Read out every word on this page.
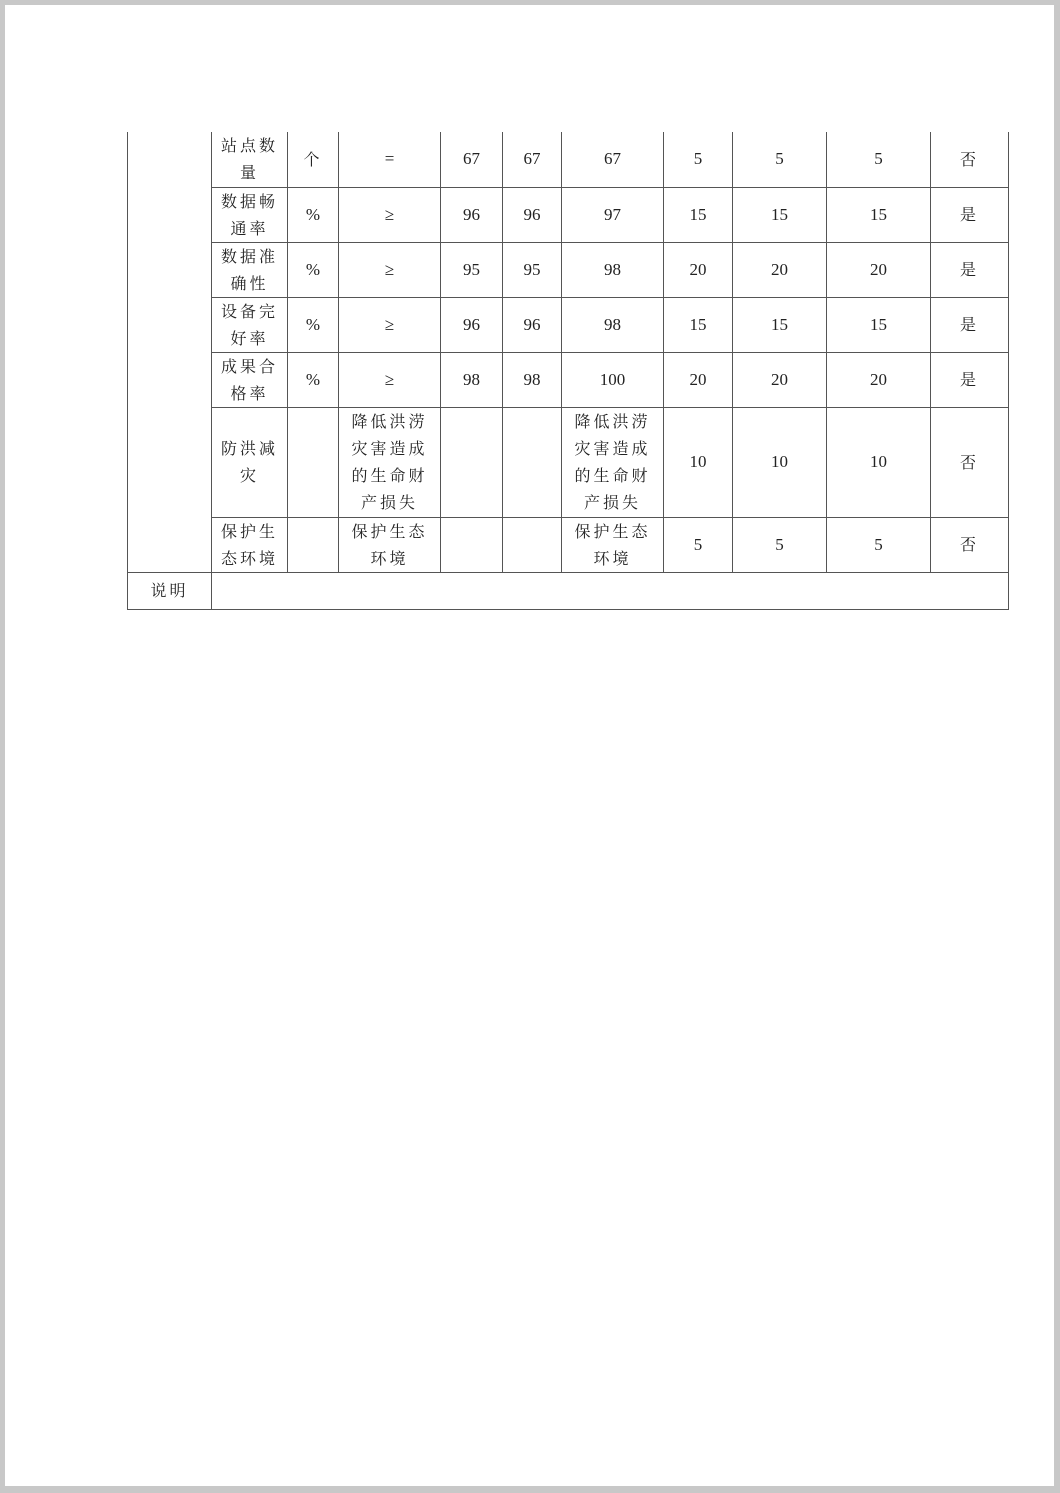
	站点数量	个	=	67	67	67	5	5	5	否
	数据畅通率	%	≥	96	96	97	15	15	15	是
	数据准确性	%	≥	95	95	98	20	20	20	是
	设备完好率	%	≥	96	96	98	15	15	15	是
	成果合格率	%	≥	98	98	100	20	20	20	是
	防洪减灾		降低洪涝灾害造成的生命财产损失			降低洪涝灾害造成的生命财产损失	10	10	10	否
	保护生态环境		保护生态环境			保护生态环境	5	5	5	否
说明										
